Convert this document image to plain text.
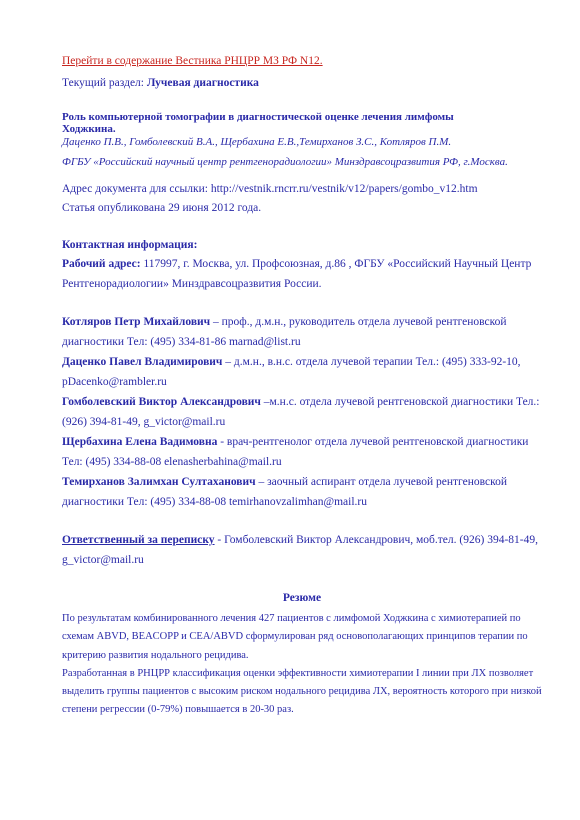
Перейти в содержание Вестника РНЦРР МЗ РФ N12.
Текущий раздел: Лучевая диагностика
Роль компьютерной томографии в диагностической оценке лечения лимфомы
Ходжкина.
Даценко П.В., Гомболевский В.А., Щербахина Е.В.,Темирханов З.С., Котляров П.М.
ФГБУ «Российский научный центр рентгенорадиологии» Минздравсоцразвития РФ, г.Москва.
Адрес документа для ссылки: http://vestnik.rncrr.ru/vestnik/v12/papers/gombo_v12.htm
Статья опубликована 29 июня 2012 года.
Контактная информация:

Рабочий адрес: 117997, г. Москва, ул. Профсоюзная, д.86 , ФГБУ «Российский Научный Центр Рентгенорадиологии» Минздравсоцразвития России.

Котляров Петр Михайлович – проф., д.м.н., руководитель отдела лучевой рентгеновской диагностики Тел: (495) 334-81-86 marnad@list.ru

Даценко Павел Владимирович – д.м.н., в.н.с. отдела лучевой терапии Тел.: (495) 333-92-10, pDacenko@rambler.ru

Гомболевский Виктор Александрович –м.н.с. отдела лучевой рентгеновской диагностики Тел.: (926) 394-81-49, g_victor@mail.ru

Щербахина Елена Вадимовна - врач-рентгенолог отдела лучевой рентгеновской диагностики Тел: (495) 334-88-08 elenasherbahina@mail.ru

Темирханов Залимхан Султаханович – заочный аспирант отдела лучевой рентгеновской диагностики Тел: (495) 334-88-08 temirhanovzalimhan@mail.ru

Ответственный за переписку - Гомболевский Виктор Александрович, моб.тел. (926) 394-81-49, g_victor@mail.ru

Резюме

По результатам комбинированного лечения 427 пациентов с лимфомой Ходжкина с химиотерапией по схемам ABVD, BEACOPP и CEA/ABVD сформулирован ряд основополагающих принципов терапии по критерию развития нодального рецидива.

Разработанная в РНЦРР классификация оценки эффективности химиотерапии I линии при ЛХ позволяет выделить группы пациентов с высоким риском нодального рецидива ЛХ, вероятность которого при низкой степени регрессии (0-79%) повышается в 20-30 раз.
